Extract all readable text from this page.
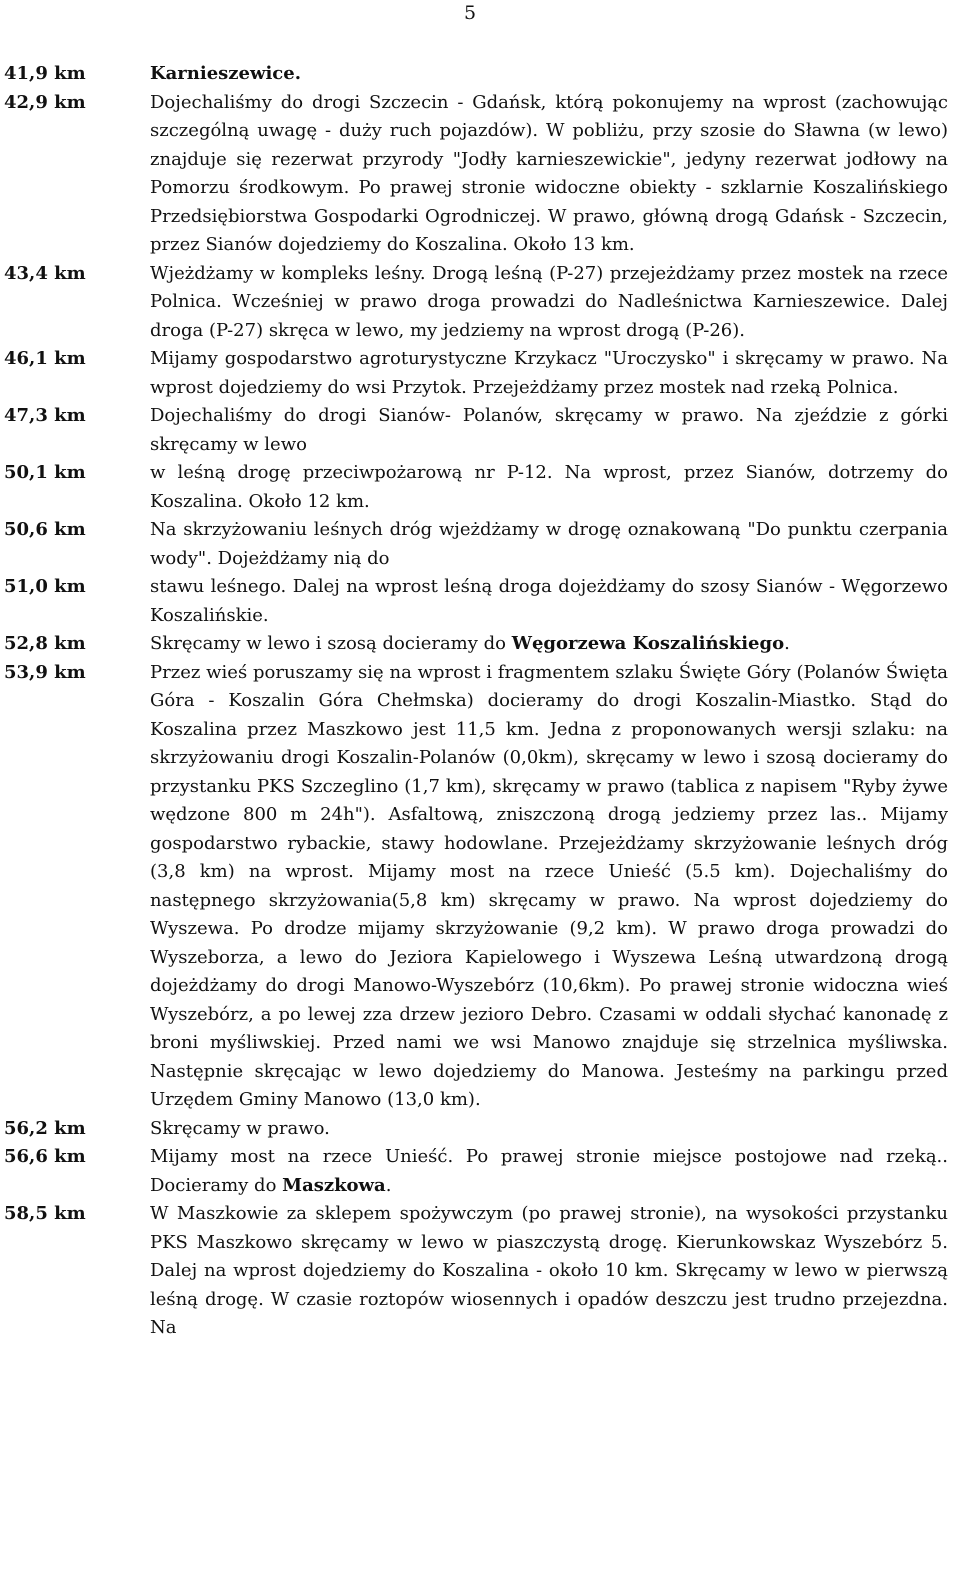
5
41,9 km	Karnieszewice.

42,9 km	Dojechaliśmy do drogi Szczecin - Gdańsk, którą pokonujemy na wprost (zachowując szczególną uwagę - duży ruch pojazdów). W pobliżu, przy szosie do Sławna (w lewo) znajduje się rezerwat przyrody "Jodły karnieszewickie", jedyny rezerwat jodłowy na Pomorzu środkowym. Po prawej stronie widoczne obiekty - szklarnie Koszalińskiego Przedsiębiorstwa Gospodarki Ogrodniczej. W prawo, główną drogą Gdańsk - Szczecin, przez Sianów dojedziemy do Koszalina. Około 13 km.

43,4 km	Wjeżdżamy w kompleks leśny. Drogą leśną (P-27) przejeżdżamy przez mostek na rzece Polnica. Wcześniej w prawo droga prowadzi do Nadleśnictwa Karnieszewice. Dalej droga (P-27) skręca w lewo, my jedziemy na wprost drogą (P-26).

46,1 km	Mijamy gospodarstwo agroturystyczne Krzykacz "Uroczysko" i skręcamy w prawo. Na wprost dojedziemy do wsi Przytok. Przejeżdżamy przez mostek nad rzeką Polnica.

47,3 km	Dojechaliśmy do drogi Sianów- Polanów, skręcamy w prawo. Na zjeździe z górki skręcamy w lewo

50,1 km	w leśną drogę przeciwpożarową nr P-12. Na wprost, przez Sianów, dotrzemy do Koszalina. Około 12 km.

50,6 km	Na skrzyżowaniu leśnych dróg wjeżdżamy w drogę oznakowaną "Do punktu czerpania wody". Dojeżdżamy nią do

51,0 km	stawu leśnego. Dalej na wprost leśną droga dojeżdżamy do szosy Sianów - Węgorzewo Koszalińskie.

52,8 km	Skręcamy w lewo i szosą docieramy do Węgorzewa Koszalińskiego.

53,9 km	Przez wieś poruszamy się na wprost i fragmentem szlaku Święte Góry (Polanów Święta Góra - Koszalin Góra Chełmska) docieramy do drogi Koszalin-Miastko. Stąd do Koszalina przez Maszkowo jest 11,5 km. Jedna z proponowanych wersji szlaku: na skrzyżowaniu drogi Koszalin-Polanów (0,0km), skręcamy w lewo i szosą docieramy do przystanku PKS Szczeglino (1,7 km), skręcamy w prawo (tablica z napisem "Ryby żywe wędzone 800 m 24h"). Asfaltową, zniszczoną drogą jedziemy przez las.. Mijamy gospodarstwo rybackie, stawy hodowlane. Przejeżdżamy skrzyżowanie leśnych dróg (3,8 km) na wprost. Mijamy most na rzece Unieść (5.5 km). Dojechaliśmy do następnego skrzyżowania(5,8 km) skręcamy w prawo. Na wprost dojedziemy do Wyszewa. Po drodze mijamy skrzyżowanie (9,2 km). W prawo droga prowadzi do Wyszeborza, a lewo do Jeziora Kapielowego i Wyszewa Leśną utwardzoną drogą dojeżdżamy do drogi Manowo-Wyszebórz (10,6km). Po prawej stronie widoczna wieś Wyszebórz, a po lewej zza drzew jezioro Debro. Czasami w oddali słychać kanonadę z broni myśliwskiej. Przed nami we wsi Manowo znajduje się strzelnica myśliwska. Następnie skręcając w lewo dojedziemy do Manowa. Jesteśmy na parkingu przed Urzędem Gminy Manowo (13,0 km).

56,2 km	Skręcamy w prawo.

56,6 km	Mijamy most na rzece Unieść. Po prawej stronie miejsce postojowe nad rzeką.. Docieramy do Maszkowa.

58,5 km	W Maszkowie za sklepem spożywczym (po prawej stronie), na wysokości przystanku PKS Maszkowo skręcamy w lewo w piaszczystą drogę. Kierunkowskaz Wyszebórz 5. Dalej na wprost dojedziemy do Koszalina - około 10 km. Skręcamy w lewo w pierwszą leśną drogę. W czasie roztopów wiosennych i opadów deszczu jest trudno przejezdna. Na
